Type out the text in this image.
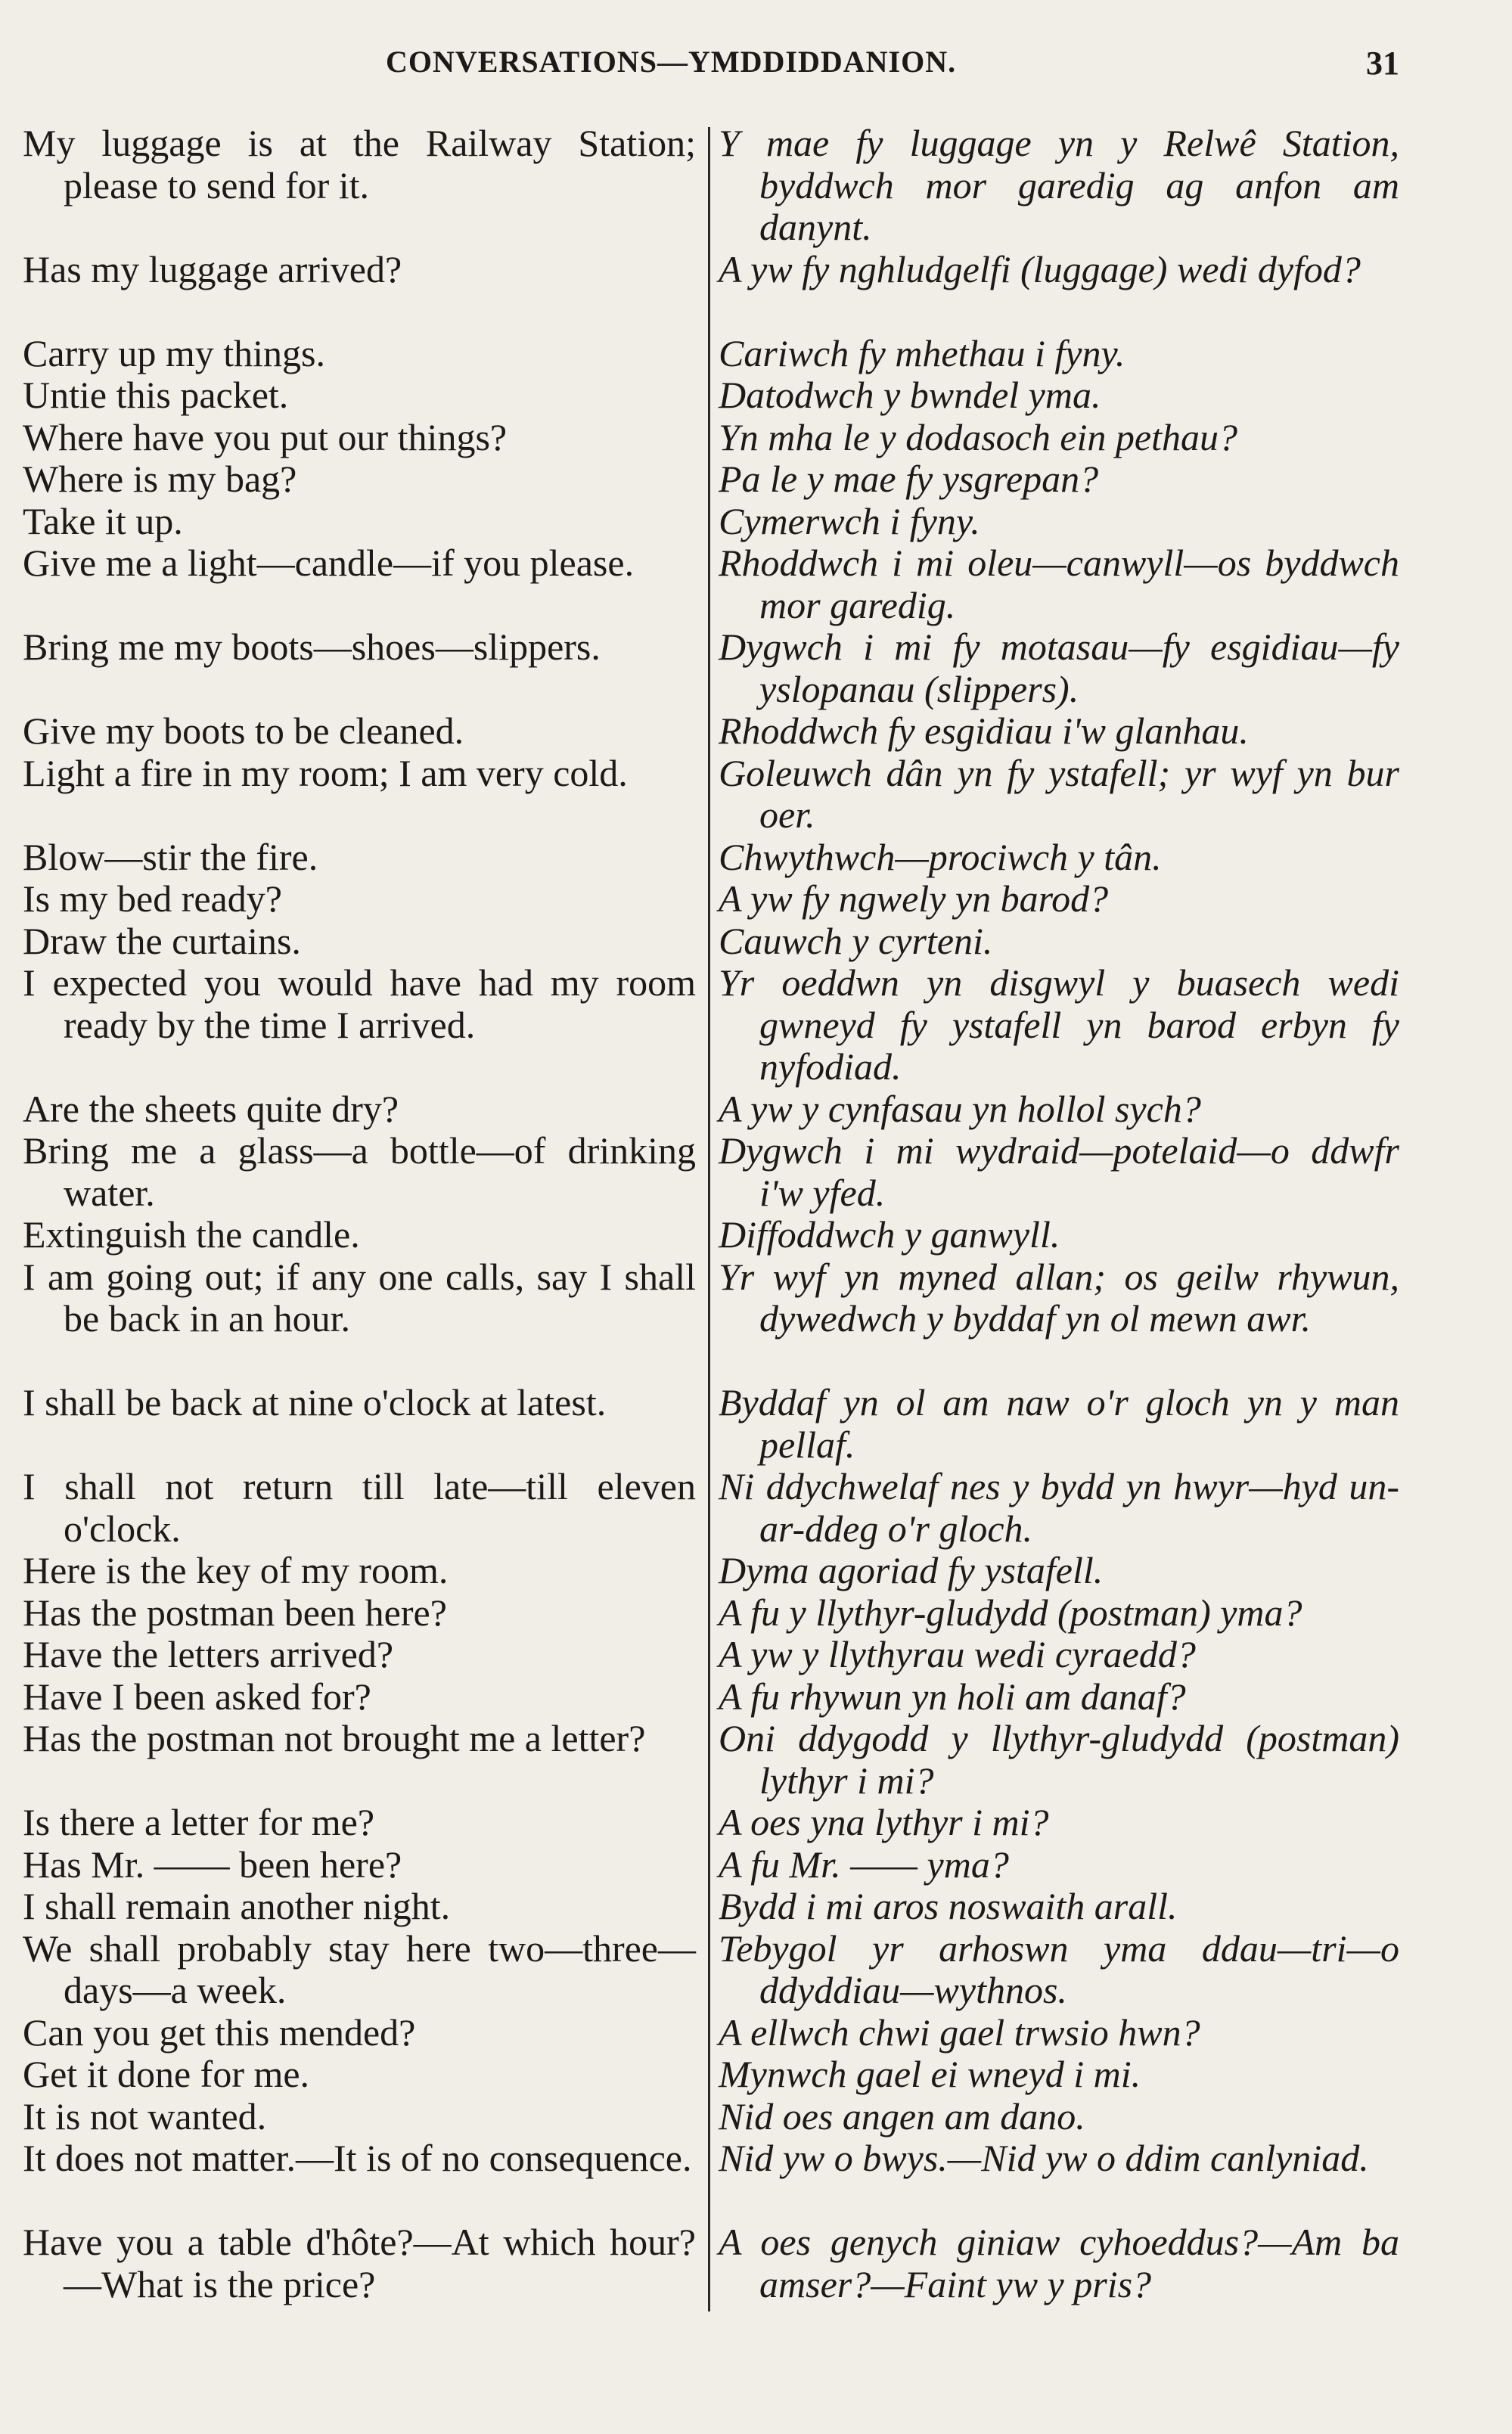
CONVERSATIONS—YMDDIDDANION.	31
My luggage is at the Railway Station; please to send for it.
Has my luggage arrived?
Carry up my things.
Untie this packet.
Where have you put our things?
Where is my bag?
Take it up.
Give me a light—candle—if you please.
Bring me my boots—shoes—slippers.
Give my boots to be cleaned.
Light a fire in my room; I am very cold.
Blow—stir the fire.
Is my bed ready?
Draw the curtains.
I expected you would have had my room ready by the time I arrived.
Are the sheets quite dry?
Bring me a glass—a bottle—of drinking water.
Extinguish the candle.
I am going out; if any one calls, say I shall be back in an hour.
I shall be back at nine o'clock at latest.
I shall not return till late—till eleven o'clock.
Here is the key of my room.
Has the postman been here?
Have the letters arrived?
Have I been asked for?
Has the postman not brought me a letter?
Is there a letter for me?
Has Mr. —— been here?
I shall remain another night.
We shall probably stay here two—three—days—a week.
Can you get this mended?
Get it done for me.
It is not wanted.
It does not matter.—It is of no consequence.
Have you a table d'hôte?—At which hour?—What is the price?
Y mae fy luggage yn y Relwê Station, byddwch mor garedig ag anfon am danynt.
A yw fy nghludgelfi (luggage) wedi dyfod?
Cariwch fy mhethau i fyny.
Datodwch y bwndel yma.
Yn mha le y dodasoch ein pethau?
Pa le y mae fy ysgrepan?
Cymerwch i fyny.
Rhoddwch i mi oleu—canwyll—os byddwch mor garedig.
Dygwch i mi fy motasau—fy esgidiau—fy yslopanau (slippers).
Rhoddwch fy esgidiau i'w glanhau.
Goleuwch dân yn fy ystafell; yr wyf yn bur oer.
Chwythwch—prociwch y tân.
A yw fy ngwely yn barod?
Cauwch y cyrteni.
Yr oeddwn yn disgwyl y buasech wedi gwneyd fy ystafell yn barod erbyn fy nyfodiad.
A yw y cynfasau yn hollol sych?
Dygwch i mi wydraid—potelaid—o ddwfr i'w yfed.
Diffoddwch y ganwyll.
Yr wyf yn myned allan; os geilw rhywun, dywedwch y byddaf yn ol mewn awr.
Byddaf yn ol am naw o'r gloch yn y man pellaf.
Ni ddychwelaf nes y bydd yn hwyr—hyd un-ar-ddeg o'r gloch.
Dyma agoriad fy ystafell.
A fu y llythyr-gludydd (postman) yma?
A yw y llythyrau wedi cyraedd?
A fu rhywun yn holi am danaf?
Oni ddygodd y llythyr-gludydd (postman) lythyr i mi?
A oes yna lythyr i mi?
A fu Mr. —— yma?
Bydd i mi aros noswaith arall.
Tebygol yr arhoswn yma ddau—tri—o ddyddiau—wythnos.
A ellwch chwi gael trwsio hwn?
Mynwch gael ei wneyd i mi.
Nid oes angen am dano.
Nid yw o bwys.—Nid yw o ddim canlyniad.
A oes genych giniaw cyhoeddus?—Am ba amser?—Faint yw y pris?
